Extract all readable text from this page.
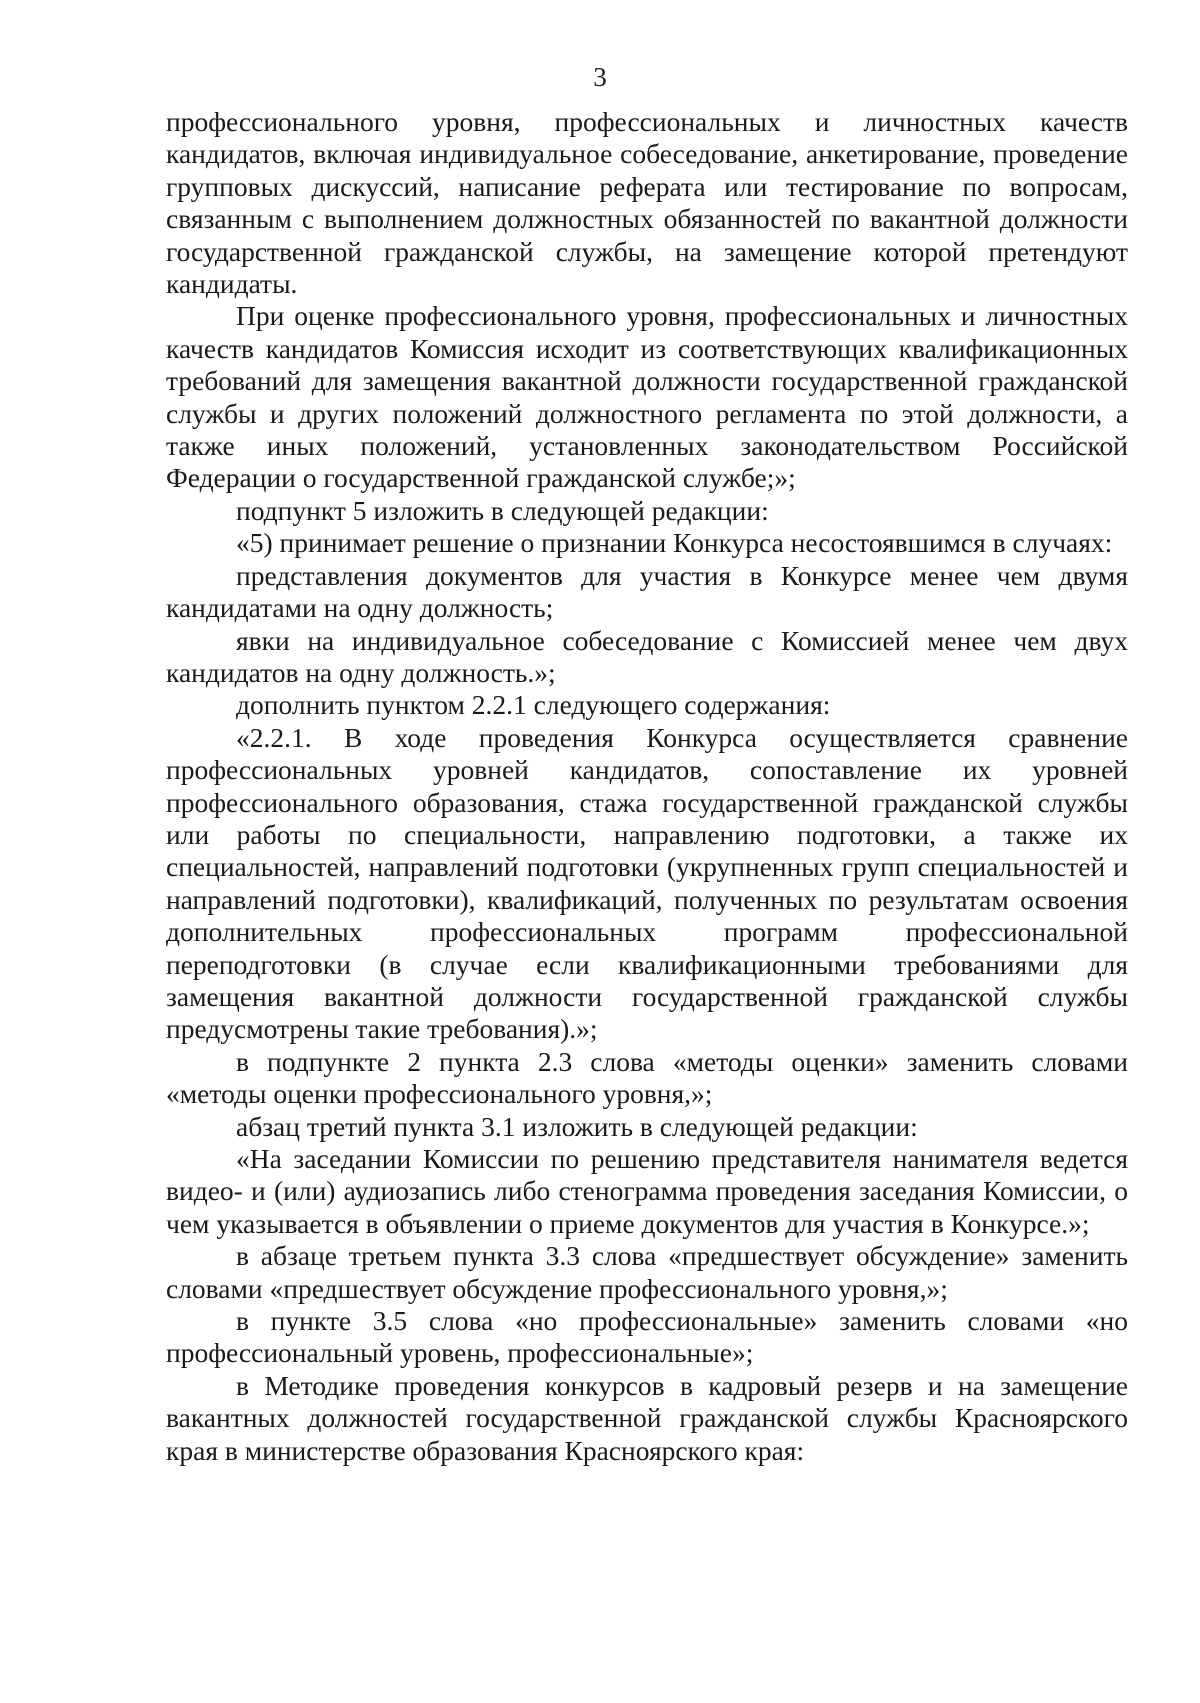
3

профессионального уровня, профессиональных и личностных качеств кандидатов, включая индивидуальное собеседование, анкетирование, проведение групповых дискуссий, написание реферата или тестирование по вопросам, связанным с выполнением должностных обязанностей по вакантной должности государственной гражданской службы, на замещение которой претендуют кандидаты.

При оценке профессионального уровня, профессиональных и личностных качеств кандидатов Комиссия исходит из соответствующих квалификационных требований для замещения вакантной должности государственной гражданской службы и других положений должностного регламента по этой должности, а также иных положений, установленных законодательством Российской Федерации о государственной гражданской службе;»;

подпункт 5 изложить в следующей редакции:

«5) принимает решение о признании Конкурса несостоявшимся в случаях:

представления документов для участия в Конкурсе менее чем двумя кандидатами на одну должность;

явки на индивидуальное собеседование с Комиссией менее чем двух кандидатов на одну должность.»;

дополнить пунктом 2.2.1 следующего содержания:

«2.2.1. В ходе проведения Конкурса осуществляется сравнение профессиональных уровней кандидатов, сопоставление их уровней профессионального образования, стажа государственной гражданской службы или работы по специальности, направлению подготовки, а также их специальностей, направлений подготовки (укрупненных групп специальностей и направлений подготовки), квалификаций, полученных по результатам освоения дополнительных профессиональных программ профессиональной переподготовки (в случае если квалификационными требованиями для замещения вакантной должности государственной гражданской службы предусмотрены такие требования).»;

в подпункте 2 пункта 2.3 слова «методы оценки» заменить словами «методы оценки профессионального уровня,»;

абзац третий пункта 3.1 изложить в следующей редакции:

«На заседании Комиссии по решению представителя нанимателя ведется видео- и (или) аудиозапись либо стенограмма проведения заседания Комиссии, о чем указывается в объявлении о приеме документов для участия в Конкурсе.»;

в абзаце третьем пункта 3.3 слова «предшествует обсуждение» заменить словами «предшествует обсуждение профессионального уровня,»;

в пункте 3.5 слова «но профессиональные» заменить словами «но профессиональный уровень, профессиональные»;

в Методике проведения конкурсов в кадровый резерв и на замещение вакантных должностей государственной гражданской службы Красноярского края в министерстве образования Красноярского края:
